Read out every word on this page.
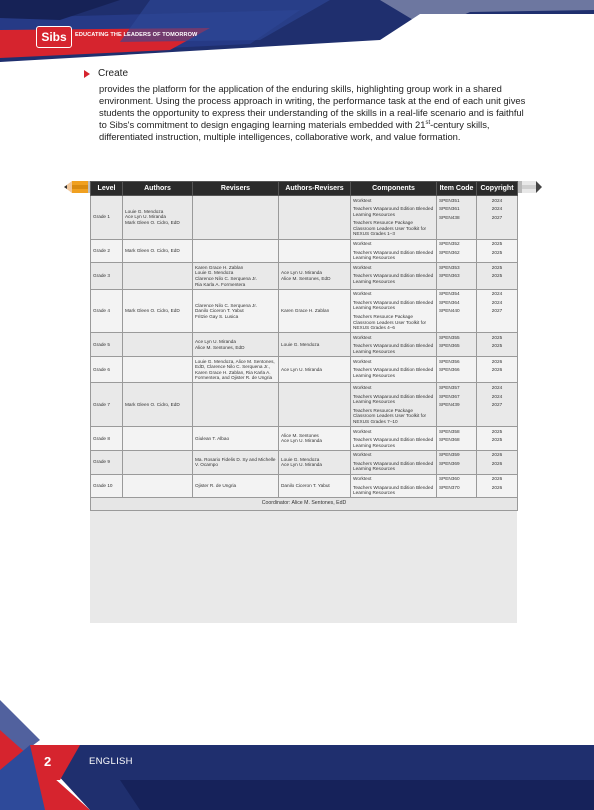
Sibs	EDUCATING THE LEADERS OF TOMORROW
Create
provides the platform for the application of the enduring skills, highlighting group work in a shared environment. Using the process approach in writing, the performance task at the end of each unit gives students the opportunity to express their understanding of the skills in a real-life scenario and is faithful to Sibs's commitment to design engaging learning materials embedded with 21st-century skills, differentiated instruction, multiple intelligences, collaborative work, and value formation.
Level	Authors	Revisers	Authors-Revisers	Components	Item Code	Copyright
Grade 1	Louie G. Mendoza
Ace Lyn U. Miranda
Mark Gleen O. Cidro, EdD			Worktext
Teachers Wraparound Edition Blended Learning Resources
Teachers Resource Package Classroom Leaders User Toolkit for NEXUS Grades 1–3	SPEN351
SPEN361
SPEN438	2024
2024
2027

Grade 2	Mark Gleen O. Cidro, EdD			Worktext
Teachers Wraparound Edition Blended Learning Resources	SPEN352
SPEN362	2025
2025

Grade 3		Karen Grace H. Zablan
Louie G. Mendoza
Clarence Nilo C. Serquena Jr.
Ria Karla A. Formentera	Ace Lyn U. Miranda
Alice M. Sentones, EdD	Worktext
Teachers Wraparound Edition Blended Learning Resources	SPEN353
SPEN363	2025
2025

Grade 4	Mark Gleen O. Cidro, EdD	Clarence Nilo C. Serquena Jr.
Danilo Ciceron T. Yabut
Fritzie Gay S. Lusica	Karen Grace H. Zablan	Worktext
Teachers Wraparound Edition Blended Learning Resources
Teachers Resource Package Classroom Leaders User Toolkit for NEXUS Grades 4–6	SPEN354
SPEN364
SPEN440	2024
2024
2027

Grade 5		Ace Lyn U. Miranda
Alice M. Sentones, EdD	Louie G. Mendoza	Worktext
Teachers Wraparound Edition Blended Learning Resources	SPEN355
SPEN365	2025
2025

Grade 6		Louie G. Mendoza, Alice M. Sentones, EdD, Clarence Nilo C. Serquena Jr., Karen Grace H. Zablan, Ria Karla A. Formentera, and Ojister R. de Ungria	Ace Lyn U. Miranda	Worktext
Teachers Wraparound Edition Blended Learning Resources	SPEN356
SPEN366	2026
2026

Grade 7	Mark Gleen O. Cidro, EdD			Worktext
Teachers Wraparound Edition Blended Learning Resources
Teachers Resource Package Classroom Leaders User Toolkit for NEXUS Grades 7–10	SPEN357
SPEN367
SPEN439	2024
2024
2027

Grade 8		Giulean T. Albao	Alice M. Sentones
Ace Lyn U. Miranda	Worktext
Teachers Wraparound Edition Blended Learning Resources	SPEN358
SPEN368	2025
2025

Grade 9		Ma. Rosario Fidelis D. Sy and Michelle V. Ocampo	Louie G. Mendoza
Ace Lyn U. Miranda	Worktext
Teachers Wraparound Edition Blended Learning Resources	SPEN359
SPEN369	2026
2026

Grade 10		Ojister R. de Ungria	Danilo Ciceron T. Yabut	Worktext
Teachers Wraparound Edition Blended Learning Resources	SPEN360
SPEN370	2026
2026

Coordinator: Alice M. Sentones, EdD						
2	ENGLISH
